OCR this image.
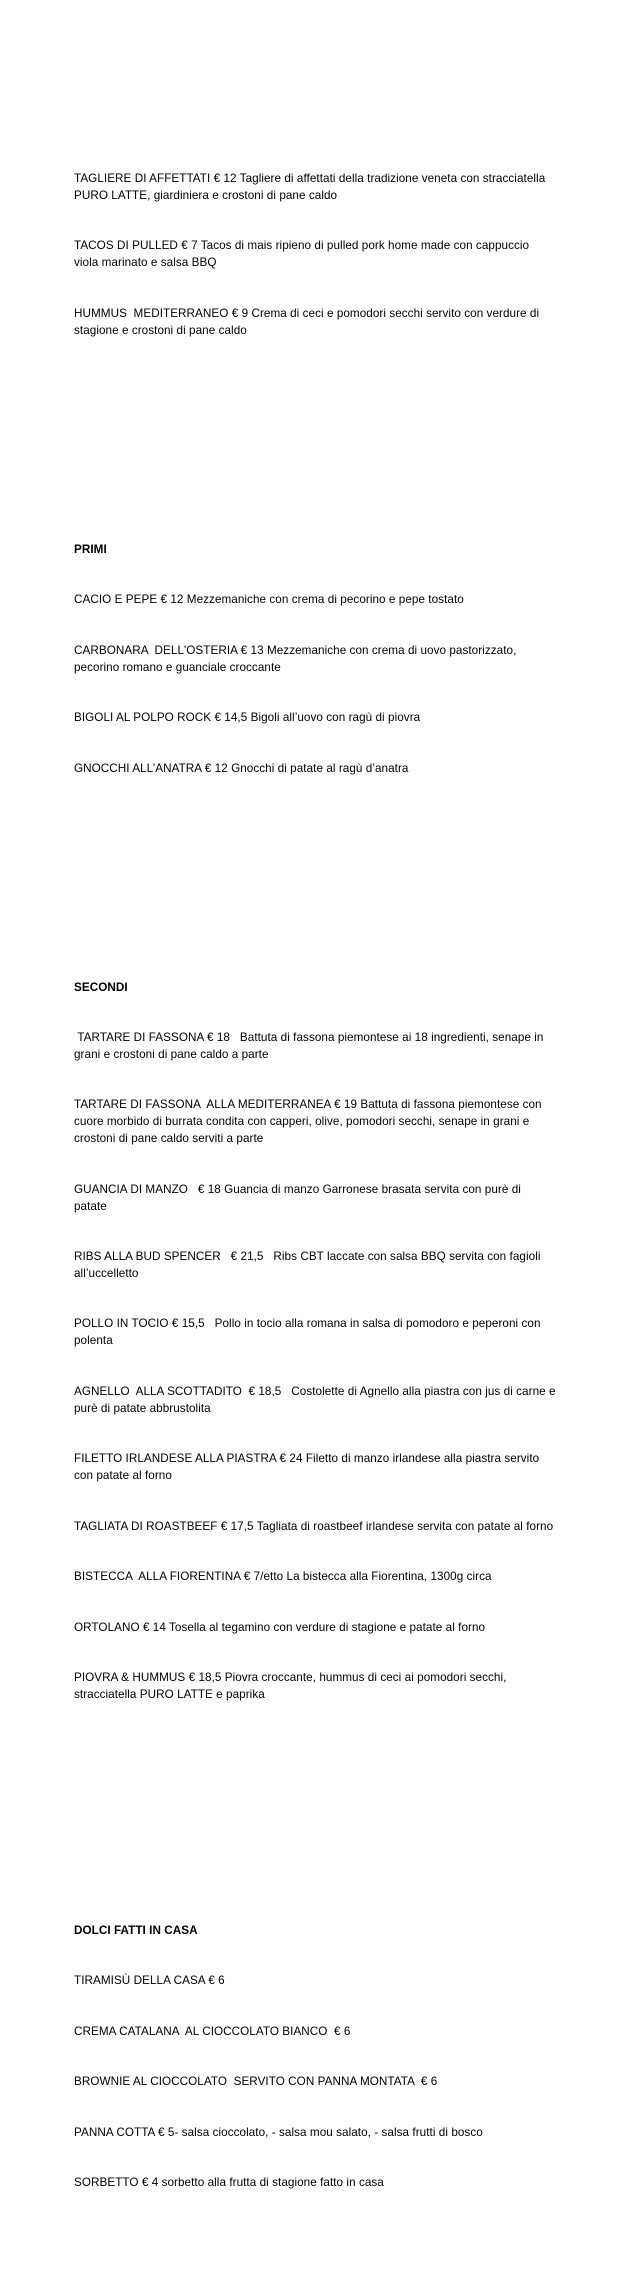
TAGLIERE DI AFFETTATI € 12 Tagliere di affettati della tradizione veneta con stracciatella PURO LATTE, giardiniera e crostoni di pane caldo

TACOS DI PULLED € 7 Tacos di mais ripieno di pulled pork home made con cappuccio viola marinato e salsa BBQ

HUMMUS  MEDITERRANEO € 9 Crema di ceci e pomodori secchi servito con verdure di stagione e crostoni di pane caldo

PRIMI

CACIO E PEPE € 12 Mezzemaniche con crema di pecorino e pepe tostato

CARBONARA  DELL'OSTERIA € 13 Mezzemaniche con crema di uovo pastorizzato, pecorino romano e guanciale croccante

BIGOLI AL POLPO ROCK € 14,5 Bigoli all’uovo con ragù di piovra

GNOCCHI ALL’ANATRA € 12 Gnocchi di patate al ragù d’anatra

SECONDI

TARTARE DI FASSONA € 18   Battuta di fassona piemontese ai 18 ingredienti, senape in grani e crostoni di pane caldo a parte

TARTARE DI FASSONA  ALLA MEDITERRANEA € 19 Battuta di fassona piemontese con cuore morbido di burrata condita con capperi, olive, pomodori secchi, senape in grani e crostoni di pane caldo serviti a parte

GUANCIA DI MANZO   € 18 Guancia di manzo Garronese brasata servita con purè di patate

RIBS ALLA BUD SPENCER   € 21,5   Ribs CBT laccate con salsa BBQ servita con fagioli all’uccelletto

POLLO IN TOCIO € 15,5   Pollo in tocio alla romana in salsa di pomodoro e peperoni con polenta

AGNELLO  ALLA SCOTTADITO  € 18,5   Costolette di Agnello alla piastra con jus di carne e purè di patate abbrustolita

FILETTO IRLANDESE ALLA PIASTRA € 24 Filetto di manzo irlandese alla piastra servito con patate al forno

TAGLIATA DI ROASTBEEF € 17,5 Tagliata di roastbeef irlandese servita con patate al forno

BISTECCA  ALLA FIORENTINA € 7/etto La bistecca alla Fiorentina, 1300g circa

ORTOLANO € 14 Tosella al tegamino con verdure di stagione e patate al forno

PIOVRA & HUMMUS € 18,5 Piovra croccante, hummus di ceci ai pomodori secchi, stracciatella PURO LATTE e paprika

DOLCI FATTI IN CASA

TIRAMISÙ DELLA CASA € 6

CREMA CATALANA  AL CIOCCOLATO BIANCO  € 6

BROWNIE AL CIOCCOLATO  SERVITO CON PANNA MONTATA  € 6

PANNA COTTA € 5- salsa cioccolato, - salsa mou salato, - salsa frutti di bosco

SORBETTO € 4 sorbetto alla frutta di stagione fatto in casa
